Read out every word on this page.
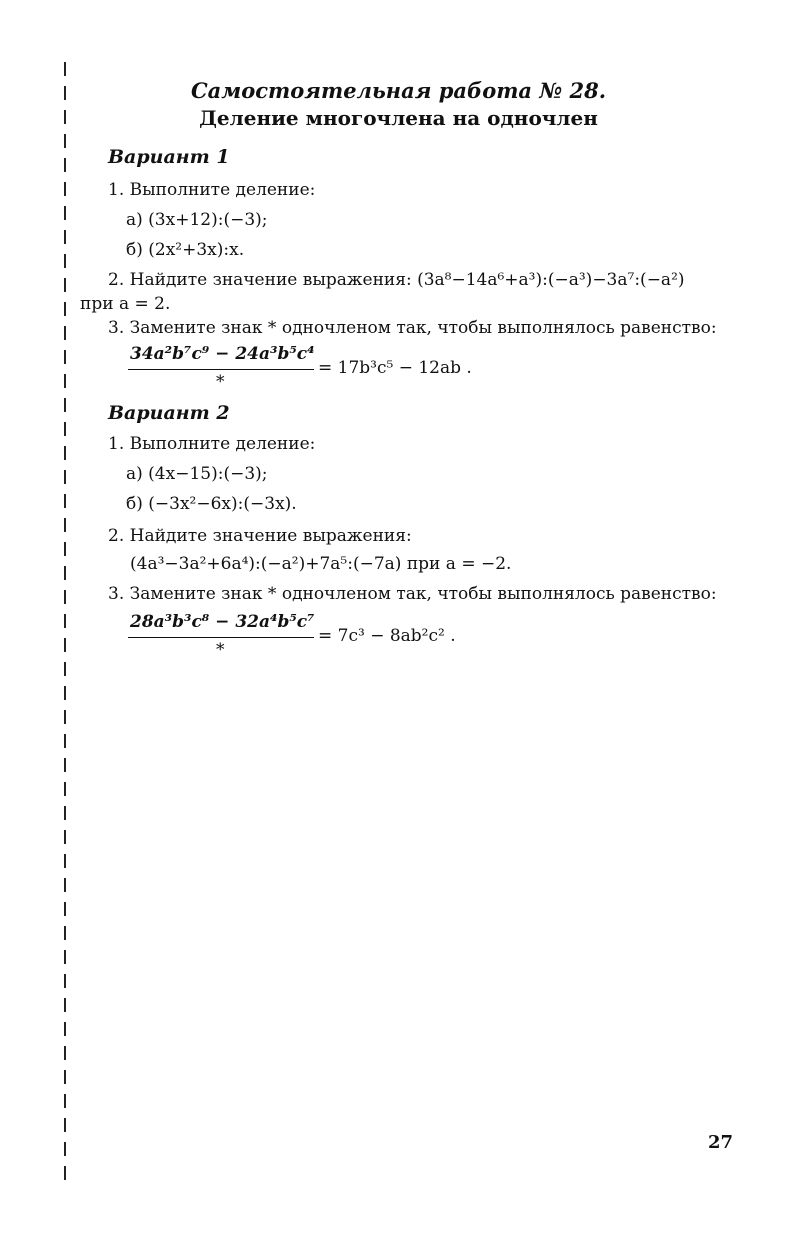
Самостоятельная работа № 28.
Деление многочлена на одночлен
Вариант 1
1. Выполните деление:
а) (3x+12):(−3);
б) (2x²+3x):x.
2. Найдите значение выражения: (3a⁸−14a⁶+a³):(−a³)−3a⁷:(−a²)
при a = 2.
3. Замените знак * одночленом так, чтобы выполнялось равенство:
34a²b⁷c⁹ − 24a³b⁵c⁴
*
= 17b³c⁵ − 12ab .
Вариант 2
1. Выполните деление:
а) (4x−15):(−3);
б) (−3x²−6x):(−3x).
2. Найдите значение выражения:
(4a³−3a²+6a⁴):(−a²)+7a⁵:(−7a) при a = −2.
3. Замените знак * одночленом так, чтобы выполнялось равенство:
28a³b³c⁸ − 32a⁴b⁵c⁷
*
= 7c³ − 8ab²c² .
27
